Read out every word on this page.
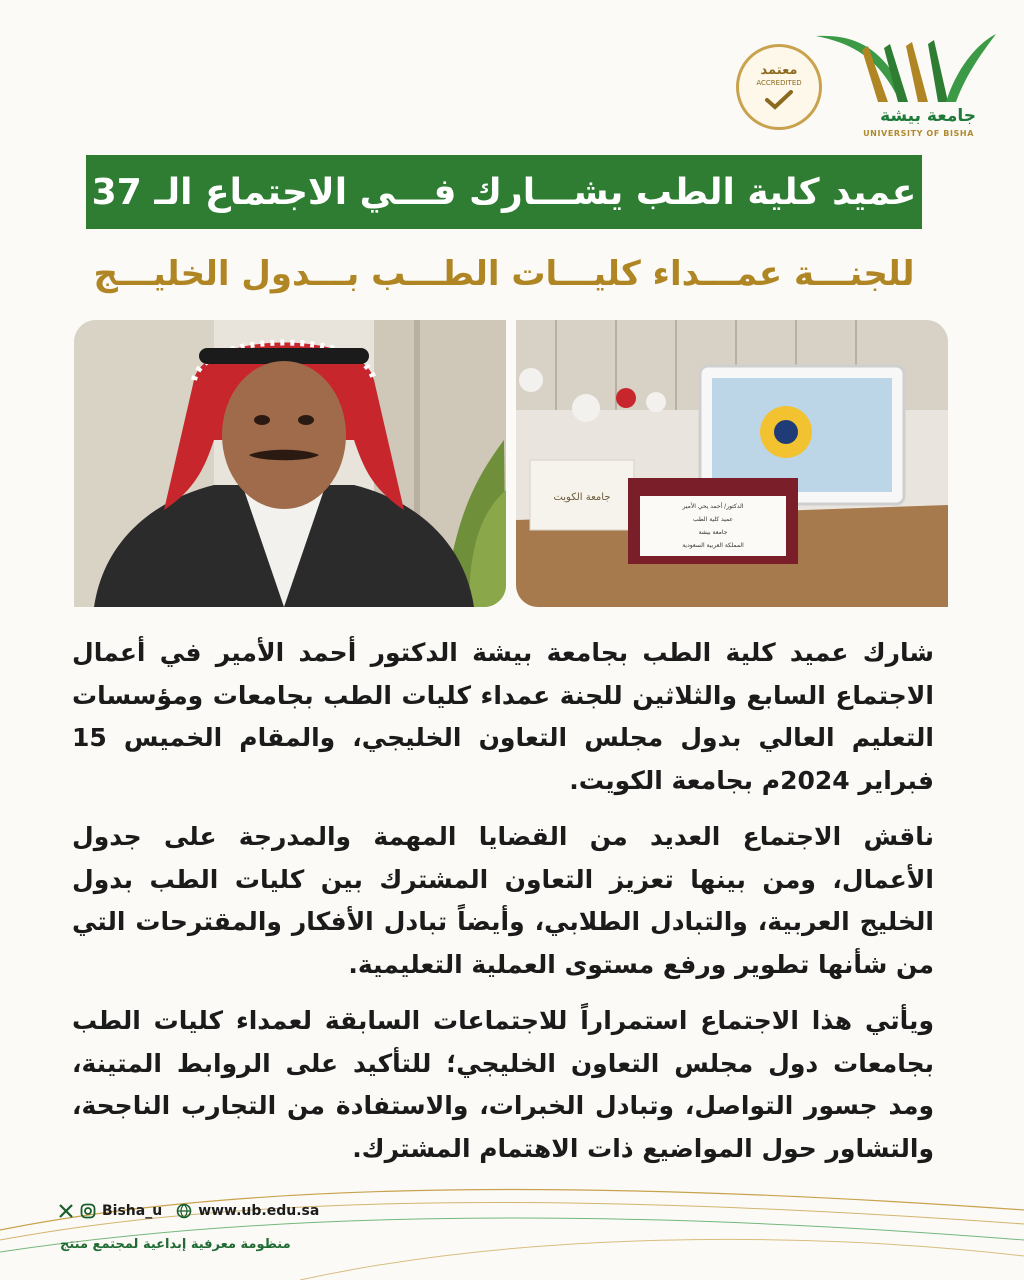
معتمد
ACCREDITED
جامعة بيشة
UNIVERSITY OF BISHA
عميد كلية الطب يشـــارك فـــي الاجتماع الـ 37
للجنـــة عمـــداء كليـــات الطـــب بـــدول الخليـــج
جامعة الكويت
الدكتور/ أحمد يحي الأمير
عميد كلية الطب
جامعة بيشة
المملكة العربية السعودية

شارك عميد كلية الطب بجامعة بيشة الدكتور أحمد الأمير في أعمال الاجتماع السابع والثلاثين للجنة عمداء كليات الطب بجامعات ومؤسسات التعليم العالي بدول مجلس التعاون الخليجي، والمقام الخميس 15 فبراير 2024م بجامعة الكويت.

ناقش الاجتماع العديد من القضايا المهمة والمدرجة على جدول الأعمال، ومن بينها تعزيز التعاون المشترك بين كليات الطب بدول الخليج العربية، والتبادل الطلابي، وأيضاً تبادل الأفكار والمقترحات التي من شأنها تطوير ورفع مستوى العملية التعليمية.

ويأتي هذا الاجتماع استمراراً للاجتماعات السابقة لعمداء كليات الطب بجامعات دول مجلس التعاون الخليجي؛ للتأكيد على الروابط المتينة، ومد جسور التواصل، وتبادل الخبرات، والاستفادة من التجارب الناجحة، والتشاور حول المواضيع ذات الاهتمام المشترك.

Bisha_u	www.ub.edu.sa
منظومة معرفية إبداعية لمجتمع منتج
